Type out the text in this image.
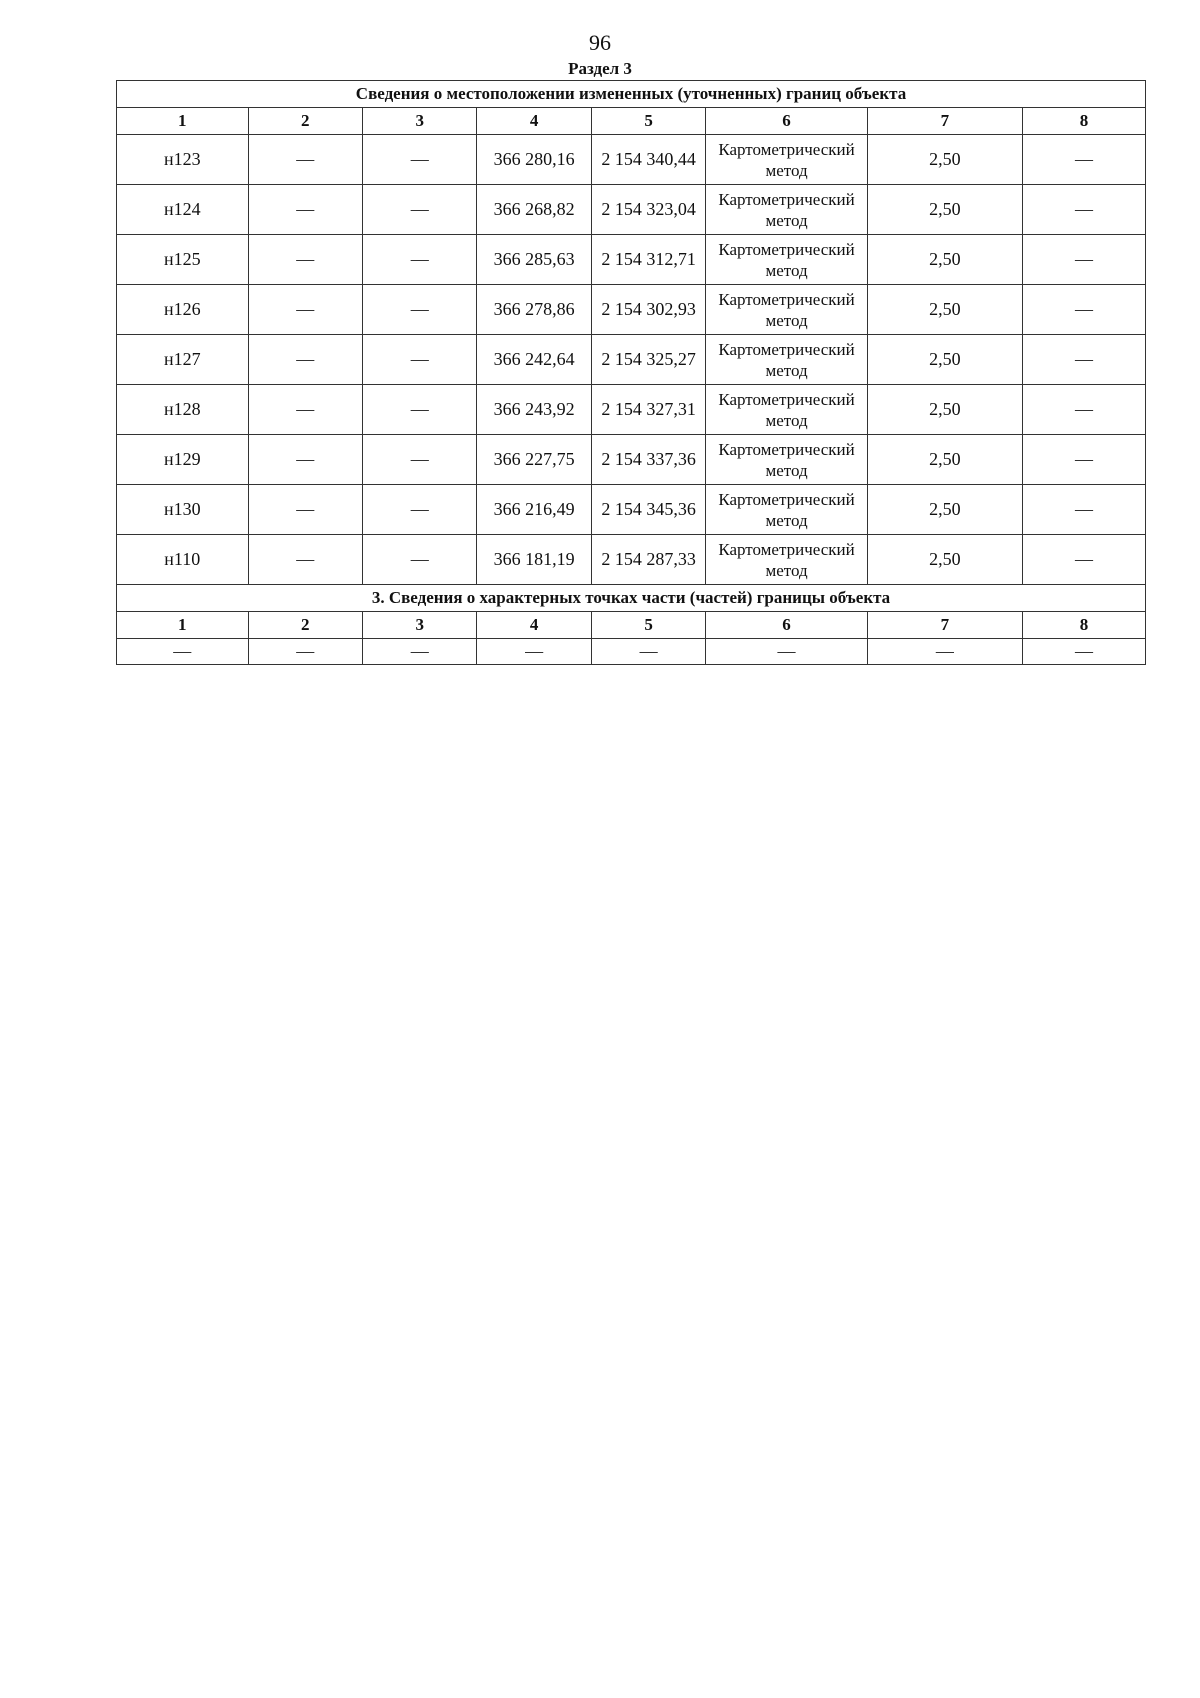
96
Раздел 3
Сведения о местоположении измененных (уточненных) границ объекта							
1	2	3	4	5	6	7	8
н123	—	—	366 280,16	2 154 340,44	Картометрический метод	2,50	—
н124	—	—	366 268,82	2 154 323,04	Картометрический метод	2,50	—
н125	—	—	366 285,63	2 154 312,71	Картометрический метод	2,50	—
н126	—	—	366 278,86	2 154 302,93	Картометрический метод	2,50	—
н127	—	—	366 242,64	2 154 325,27	Картометрический метод	2,50	—
н128	—	—	366 243,92	2 154 327,31	Картометрический метод	2,50	—
н129	—	—	366 227,75	2 154 337,36	Картометрический метод	2,50	—
н130	—	—	366 216,49	2 154 345,36	Картометрический метод	2,50	—
н110	—	—	366 181,19	2 154 287,33	Картометрический метод	2,50	—
3. Сведения о характерных точках части (частей) границы объекта							
1	2	3	4	5	6	7	8
—	—	—	—	—	—	—	—
